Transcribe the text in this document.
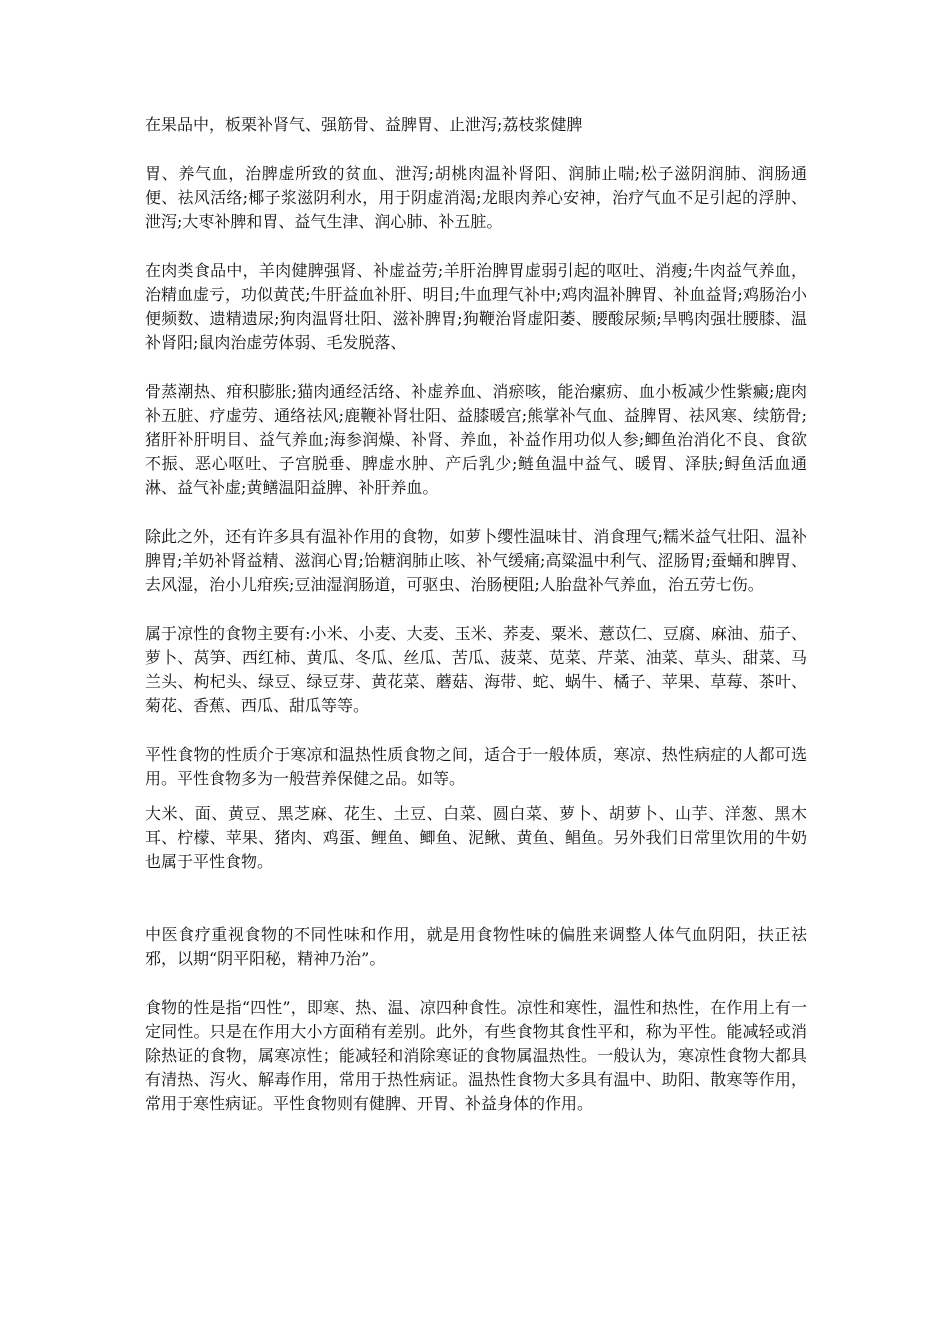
在果品中，板栗补肾气、强筋骨、益脾胃、止泄泻;荔枝浆健脾

胃、养气血，治脾虚所致的贫血、泄泻;胡桃肉温补肾阳、润肺止喘;松子滋阴润肺、润肠通便、祛风活络;椰子浆滋阴利水，用于阴虚消渴;龙眼肉养心安神，治疗气血不足引起的浮肿、泄泻;大枣补脾和胃、益气生津、润心肺、补五脏。

在肉类食品中，羊肉健脾强肾、补虚益劳;羊肝治脾胃虚弱引起的呕吐、消瘦;牛肉益气养血，治精血虚亏，功似黄芪;牛肝益血补肝、明目;牛血理气补中;鸡肉温补脾胃、补血益肾;鸡肠治小便频数、遗精遗尿;狗肉温肾壮阳、滋补脾胃;狗鞭治肾虚阳萎、腰酸尿频;旱鸭肉强壮腰膝、温补肾阳;鼠肉治虚劳体弱、毛发脱落、

骨蒸潮热、疳积膨胀;猫肉通经活络、补虚养血、消瘀咳，能治瘰疬、血小板减少性紫癜;鹿肉补五脏、疗虚劳、通络祛风;鹿鞭补肾壮阳、益膝暖宫;熊掌补气血、益脾胃、祛风寒、续筋骨;猪肝补肝明目、益气养血;海参润燥、补肾、养血，补益作用功似人参;鲫鱼治消化不良、食欲不振、恶心呕吐、子宫脱垂、脾虚水肿、产后乳少;鲢鱼温中益气、暖胃、泽肤;鲟鱼活血通淋、益气补虚;黄鳝温阳益脾、补肝养血。

除此之外，还有许多具有温补作用的食物，如萝卜缨性温味甘、消食理气;糯米益气壮阳、温补脾胃;羊奶补肾益精、滋润心胃;饴糖润肺止咳、补气缓痛;高粱温中利气、涩肠胃;蚕蛹和脾胃、去风湿，治小儿疳疾;豆油湿润肠道，可驱虫、治肠梗阻;人胎盘补气养血，治五劳七伤。

属于凉性的食物主要有:小米、小麦、大麦、玉米、荞麦、粟米、薏苡仁、豆腐、麻油、茄子、萝卜、莴笋、西红柿、黄瓜、冬瓜、丝瓜、苦瓜、菠菜、苋菜、芹菜、油菜、草头、甜菜、马兰头、枸杞头、绿豆、绿豆芽、黄花菜、蘑菇、海带、蛇、蜗牛、橘子、苹果、草莓、茶叶、菊花、香蕉、西瓜、甜瓜等等。

平性食物的性质介于寒凉和温热性质食物之间，适合于一般体质，寒凉、热性病症的人都可选用。平性食物多为一般营养保健之品。如等。

大米、面、黄豆、黑芝麻、花生、土豆、白菜、圆白菜、萝卜、胡萝卜、山芋、洋葱、黑木耳、柠檬、苹果、猪肉、鸡蛋、鲤鱼、鲫鱼、泥鳅、黄鱼、鲳鱼。另外我们日常里饮用的牛奶也属于平性食物。

中医食疗重视食物的不同性味和作用，就是用食物性味的偏胜来调整人体气血阴阳，扶正祛邪，以期“阴平阳秘，精神乃治”。

食物的性是指“四性”，即寒、热、温、凉四种食性。凉性和寒性，温性和热性，在作用上有一定同性。只是在作用大小方面稍有差别。此外，有些食物其食性平和，称为平性。能减轻或消除热证的食物，属寒凉性；能减轻和消除寒证的食物属温热性。一般认为，寒凉性食物大都具有清热、泻火、解毒作用，常用于热性病证。温热性食物大多具有温中、助阳、散寒等作用，常用于寒性病证。平性食物则有健脾、开胃、补益身体的作用。
